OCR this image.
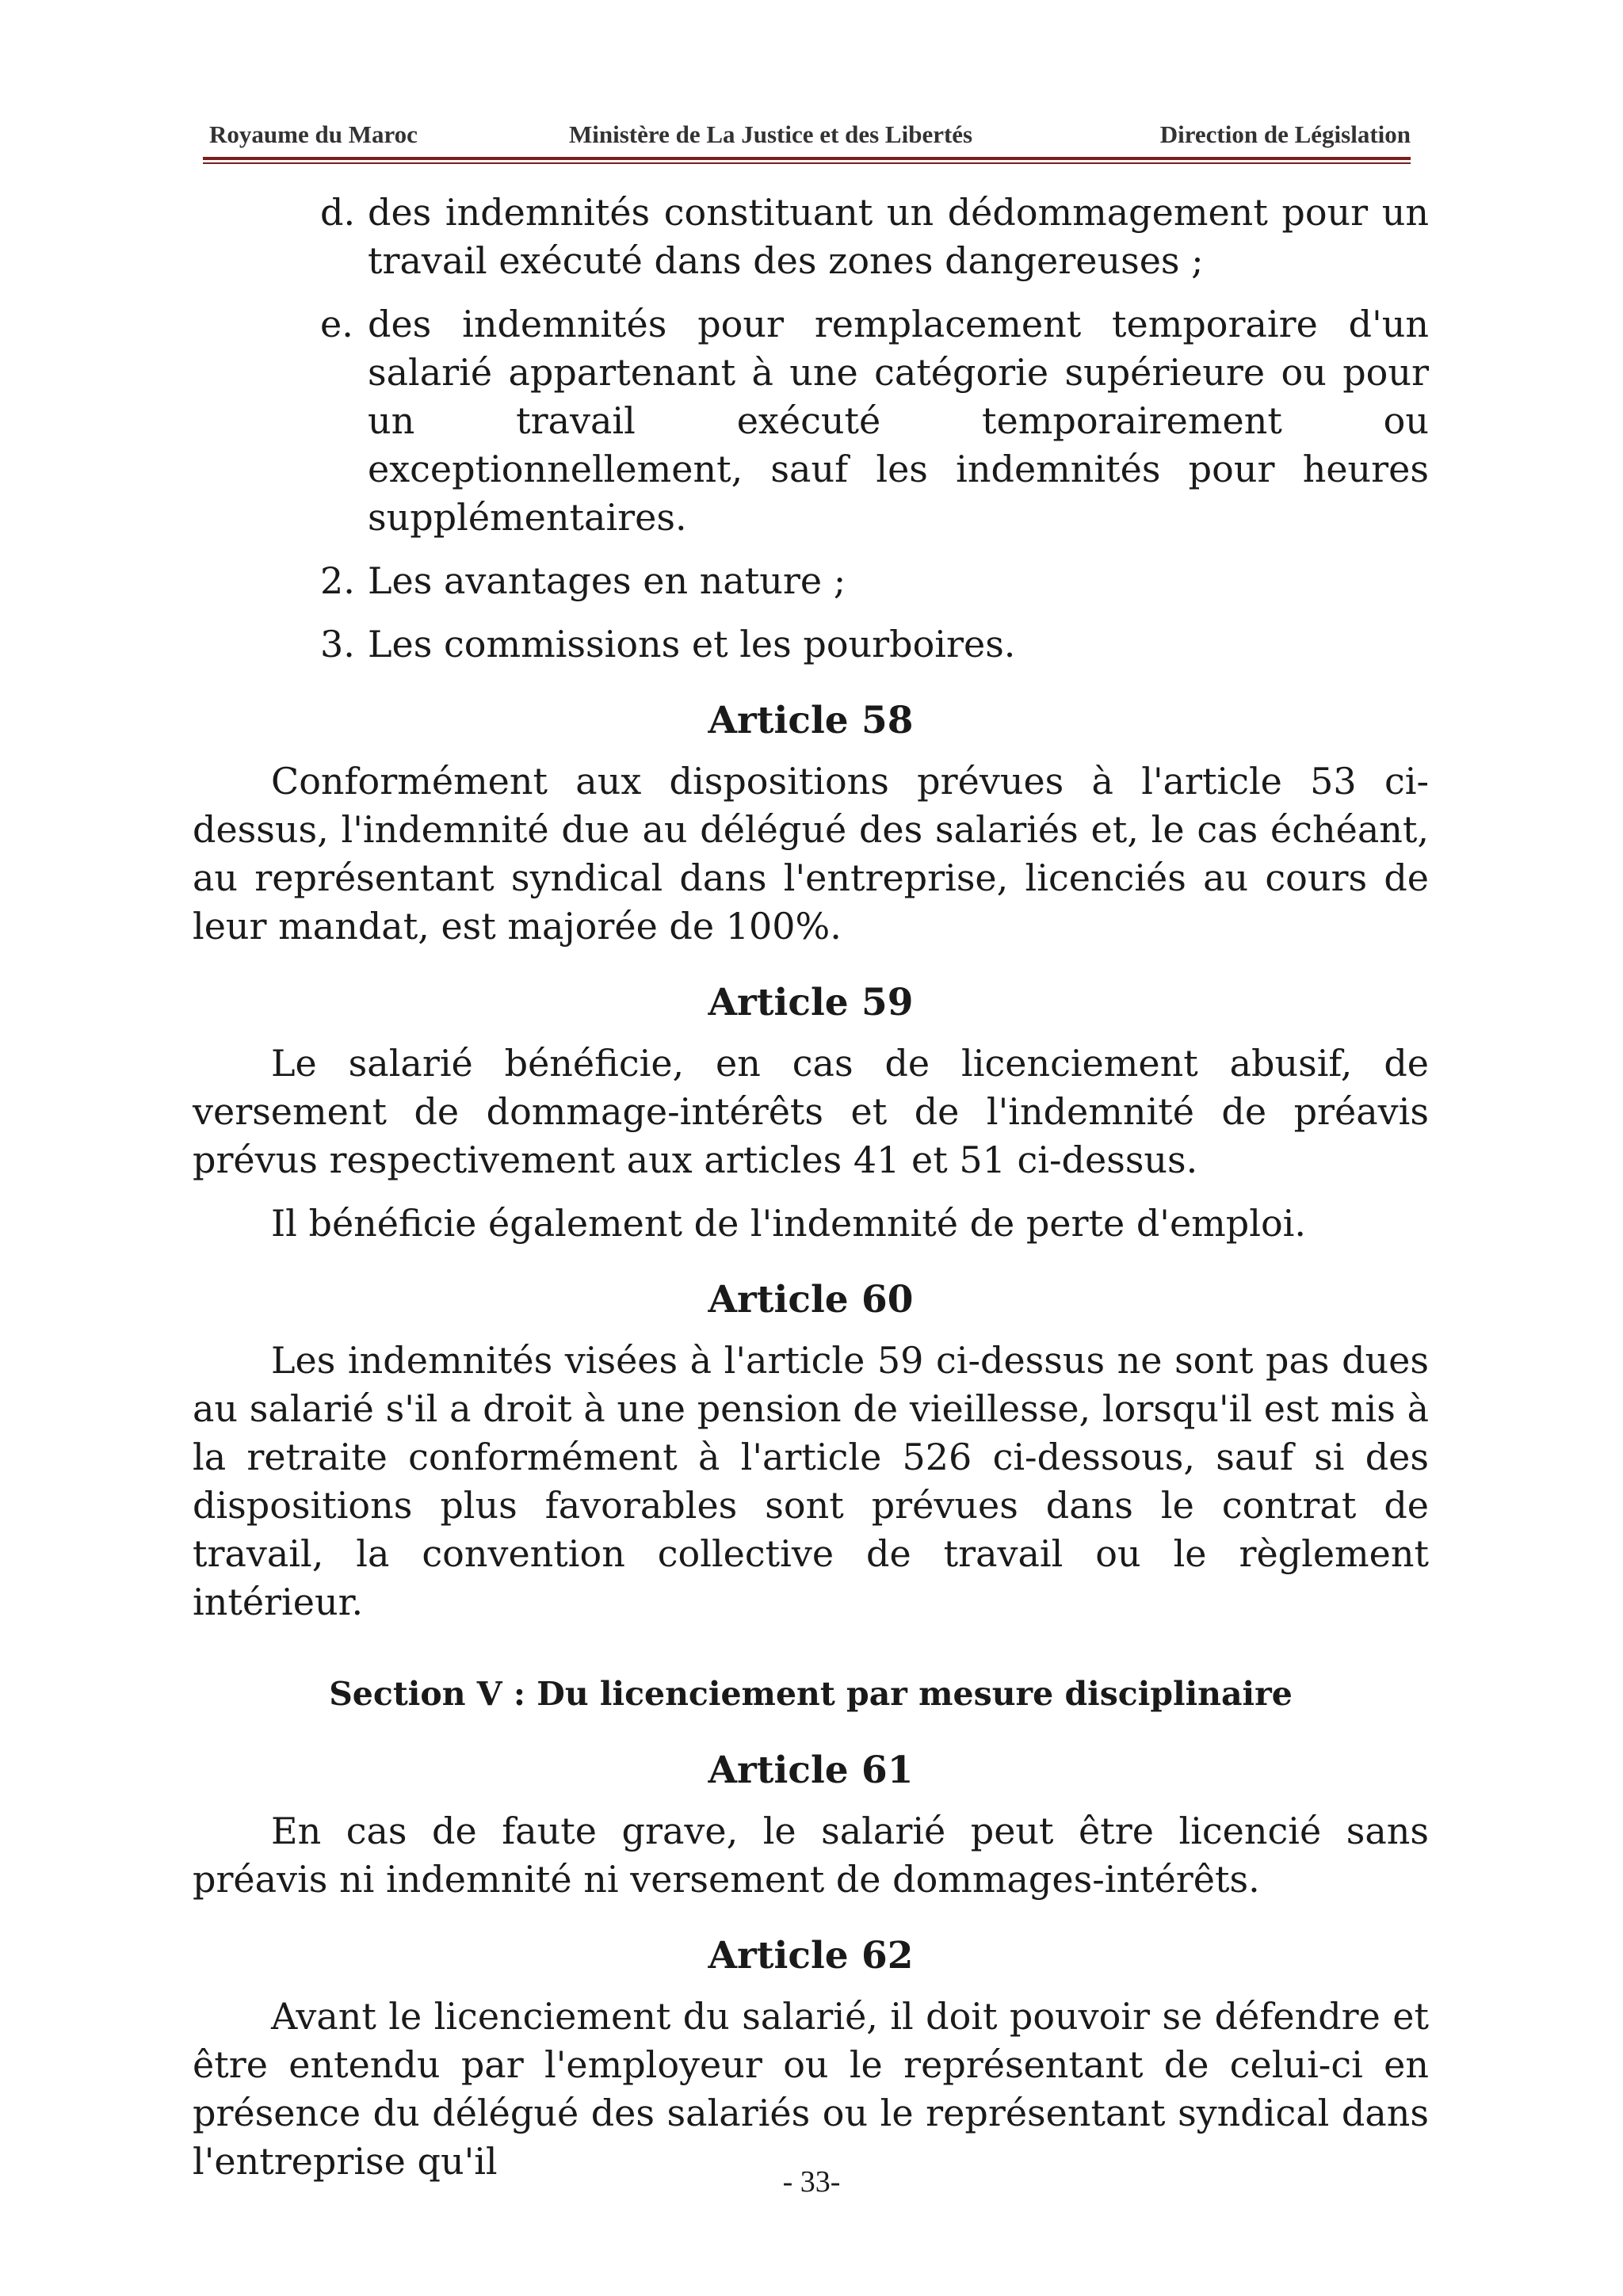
Royaume du Maroc	Ministère de La Justice et des Libertés	Direction de Législation
d. des indemnités constituant un dédommagement pour un travail exécuté dans des zones dangereuses ;
e. des indemnités pour remplacement temporaire d'un salarié appartenant à une catégorie supérieure ou pour un travail exécuté temporairement ou exceptionnellement, sauf les indemnités pour heures supplémentaires.
2. Les avantages en nature ;
3. Les commissions et les pourboires.
Article 58

Conformément aux dispositions prévues à l'article 53 ci-dessus, l'indemnité due au délégué des salariés et, le cas échéant, au représentant syndical dans l'entreprise, licenciés au cours de leur mandat, est majorée de 100%.

Article 59

Le salarié bénéficie, en cas de licenciement abusif, de versement de dommage-intérêts et de l'indemnité de préavis prévus respectivement aux articles 41 et 51 ci-dessus.

Il bénéficie également de l'indemnité de perte d'emploi.

Article 60

Les indemnités visées à l'article 59 ci-dessus ne sont pas dues au salarié s'il a droit à une pension de vieillesse, lorsqu'il est mis à la retraite conformément à l'article 526 ci-dessous, sauf si des dispositions plus favorables sont prévues dans le contrat de travail, la convention collective de travail ou le règlement intérieur.

Section V : Du licenciement par mesure disciplinaire
Article 61

En cas de faute grave, le salarié peut être licencié sans préavis ni indemnité ni versement de dommages-intérêts.

Article 62

Avant le licenciement du salarié, il doit pouvoir se défendre et être entendu par l'employeur ou le représentant de celui-ci en présence du délégué des salariés ou le représentant syndical dans l'entreprise qu'il	- 33-
